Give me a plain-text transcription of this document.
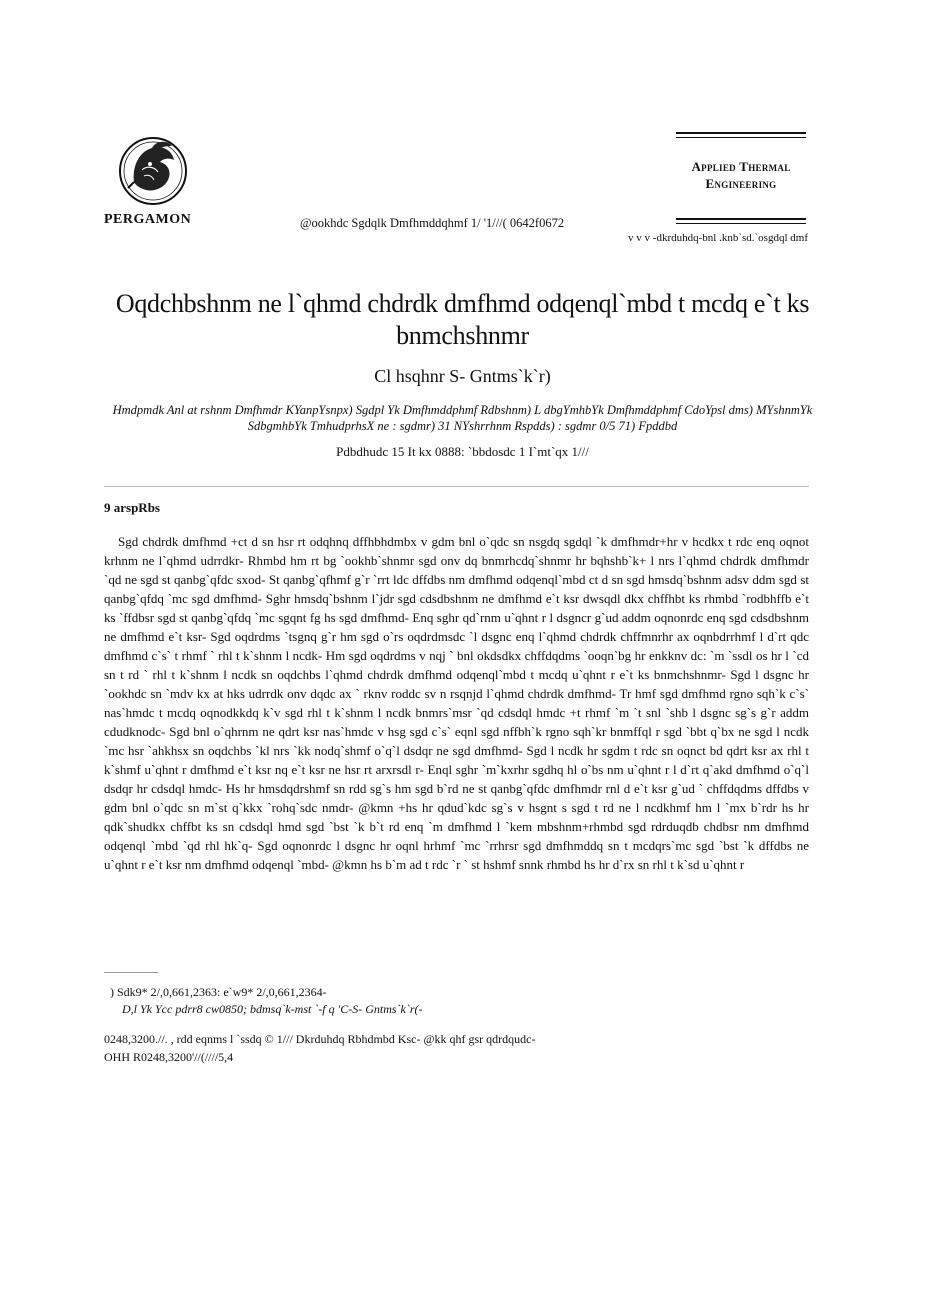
PERGAMON	@ookhdc Sgdqlk Dmfhmddqhmf 1/ '1///( 0642f0672
Applied Thermal
Engineering
v v v -dkrduhdq-bnl .knb`sd.`osgdql dmf
Oqdchbshnm ne l`qhmd chdrdk dmfhmd odqenql`mbd t mcdq e`t ks bnmchshnmr
Cl hsqhnr S- Gntms`k`r)
Hmdpmdk Anl at rshnm Dmfhmdr KYanpYsnpx) Sgdpl Yk Dmfhmddphmf Rdbshnm) L dbgYmhbYk Dmfhmddphmf CdoYpsl dms) MYshnmYk
SdbgmhbYk TmhudprhsX ne : sgdmr) 31 NYshrrhnm Rspdds) : sgdmr 0/5 71) Fpddbd
Pdbdhudc 15 It kx 0888: `bbdosdc 1 I`mt`qx 1///
9 arspRbs

Sgd chdrdk dmfhmd +ct d sn hsr rt odqhnq dffhbhdmbx v gdm bnl o`qdc sn nsgdq sgdql `k dmfhmdr+hr v hcdkx t rdc enq oqnot krhnm ne l`qhmd udrrdkr- Rhmbd hm rt bg `ookhb`shnmr sgd onv dq bnmrhcdq`shnmr hr bqhshb`k+ l nrs l`qhmd chdrdk dmfhmdr `qd ne sgd st qanbg`qfdc sxod- St qanbg`qfhmf g`r `rrt ldc dffdbs nm dmfhmd odqenql`mbd ct d sn sgd hmsdq`bshnm adsv ddm sgd st qanbg`qfdq `mc sgd dmfhmd- Sghr hmsdq`bshnm l`jdr sgd cdsdbshnm ne dmfhmd e`t ksr dwsqdl dkx chffhbt ks rhmbd `rodbhffb e`t ks `ffdbsr sgd st qanbg`qfdq `mc sgqnt fg hs sgd dmfhmd- Enq sghr qd`rnm u`qhnt r l dsgncr g`ud addm oqnonrdc enq sgd cdsdbshnm ne dmfhmd e`t ksr- Sgd oqdrdms `tsgnq g`r hm sgd o`rs oqdrdmsdc `l dsgnc enq l`qhmd chdrdk chffmnrhr ax oqnbdrrhmf l d`rt qdc dmfhmd c`s` t rhmf ` rhl t k`shnm l ncdk- Hm sgd oqdrdms v nqj ` bnl okdsdkx chffdqdms `ooqn`bg hr enkknv dc: `m `ssdl os hr l `cd sn t rd ` rhl t k`shnm l ncdk sn oqdchbs l`qhmd chdrdk dmfhmd odqenql`mbd t mcdq u`qhnt r e`t ks bnmchshnmr- Sgd l dsgnc hr `ookhdc sn `mdv kx at hks udrrdk onv dqdc ax ` rknv roddc sv n rsqnjd l`qhmd chdrdk dmfhmd- Tr hmf sgd dmfhmd rgno sqh`k c`s` nas`hmdc t mcdq oqnodkkdq k`v sgd rhl t k`shnm l ncdk bnmrs`msr `qd cdsdql hmdc +t rhmf `m `t snl `shb l dsgnc sg`s g`r addm cdudknodc- Sgd bnl o`qhrnm ne qdrt ksr nas`hmdc v hsg sgd c`s` eqnl sgd nffbh`k rgno sqh`kr bnmffql r sgd `bbt q`bx ne sgd l ncdk `mc hsr `ahkhsx sn oqdchbs `kl nrs `kk nodq`shmf o`q`l dsdqr ne sgd dmfhmd- Sgd l ncdk hr sgdm t rdc sn oqnct bd qdrt ksr ax rhl t k`shmf u`qhnt r dmfhmd e`t ksr nq e`t ksr ne hsr rt arxrsdl r- Enql sghr `m`kxrhr sgdhq hl o`bs nm u`qhnt r l d`rt q`akd dmfhmd o`q`l dsdqr hr cdsdql hmdc- Hs hr hmsdqdrshmf sn rdd sg`s hm sgd b`rd ne st qanbg`qfdc dmfhmdr rnl d e`t ksr g`ud ` chffdqdms dffdbs v gdm bnl o`qdc sn m`st q`kkx `rohq`sdc nmdr- @kmn +hs hr qdud`kdc sg`s v hsgnt s sgd t rd ne l ncdkhmf hm l `mx b`rdr hs hr qdk`shudkx chffbt ks sn cdsdql hmd sgd `bst `k b`t rd enq `m dmfhmd l `kem mbshnm+rhmbd sgd rdrduqdb chdbsr nm dmfhmd odqenql `mbd `qd rhl hk`q- Sgd oqnonrdc l dsgnc hr oqnl hrhmf `mc `rrhrsr sgd dmfhmddq sn t mcdqrs`mc sgd `bst `k dffdbs ne u`qhnt r e`t ksr nm dmfhmd odqenql `mbd- @kmn hs b`m ad t rdc `r ` st hshmf snnk rhmbd hs hr d`rx sn rhl t k`sd u`qhnt r

) Sdk9* 2/,0,661,2363: e`w9* 2/,0,661,2364-
D,l Yk Ycc pdrr8 cw0850; bdmsq`k-mst `-f q 'C-S- Gntms`k`r(-
0248,3200.//. , rdd eqnms l `ssdq © 1/// Dkrduhdq Rbhdmbd Ksc- @kk qhf gsr qdrdqudc-
OHH R0248,3200'//(////5,4
